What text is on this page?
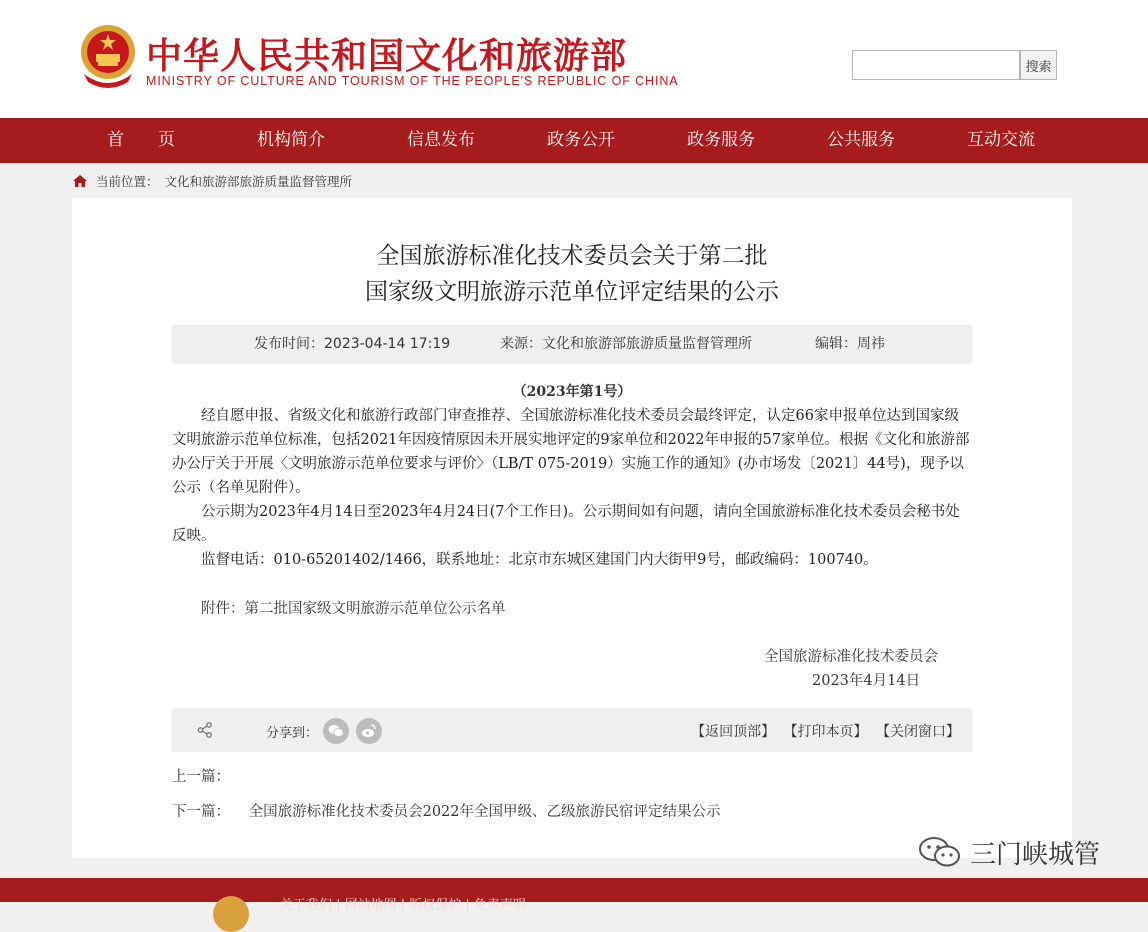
中华人民共和国文化和旅游部
MINISTRY OF CULTURE AND TOURISM OF THE PEOPLE'S REPUBLIC OF CHINA
搜索
首　　页	机构简介	信息发布	政务公开	政务服务	公共服务	互动交流
当前位置： 文化和旅游部旅游质量监督管理所
全国旅游标准化技术委员会关于第二批
国家级文明旅游示范单位评定结果的公示
发布时间：2023-04-14 17:19	来源：文化和旅游部旅游质量监督管理所	编辑：周祎
（2023年第1号）

经自愿申报、省级文化和旅游行政部门审查推荐、全国旅游标准化技术委员会最终评定，认定66家申报单位达到国家级文明旅游示范单位标准，包括2021年因疫情原因未开展实地评定的9家单位和2022年申报的57家单位。根据《文化和旅游部办公厅关于开展〈文明旅游示范单位要求与评价〉（LB/T 075-2019）实施工作的通知》(办市场发〔2021〕44号)，现予以公示（名单见附件）。

公示期为2023年4月14日至2023年4月24日(7个工作日)。公示期间如有问题，请向全国旅游标准化技术委员会秘书处反映。

监督电话：010-65201402/1466，联系地址：北京市东城区建国门内大街甲9号，邮政编码：100740。

附件：第二批国家级文明旅游示范单位公示名单
全国旅游标准化技术委员会
2023年4月14日
分享到：	【返回顶部】 【打印本页】 【关闭窗口】
上一篇：
下一篇： 全国旅游标准化技术委员会2022年全国甲级、乙级旅游民宿评定结果公示
三门峡城管
关于我们 | 网站地图 | 版权保护 | 免责声明
